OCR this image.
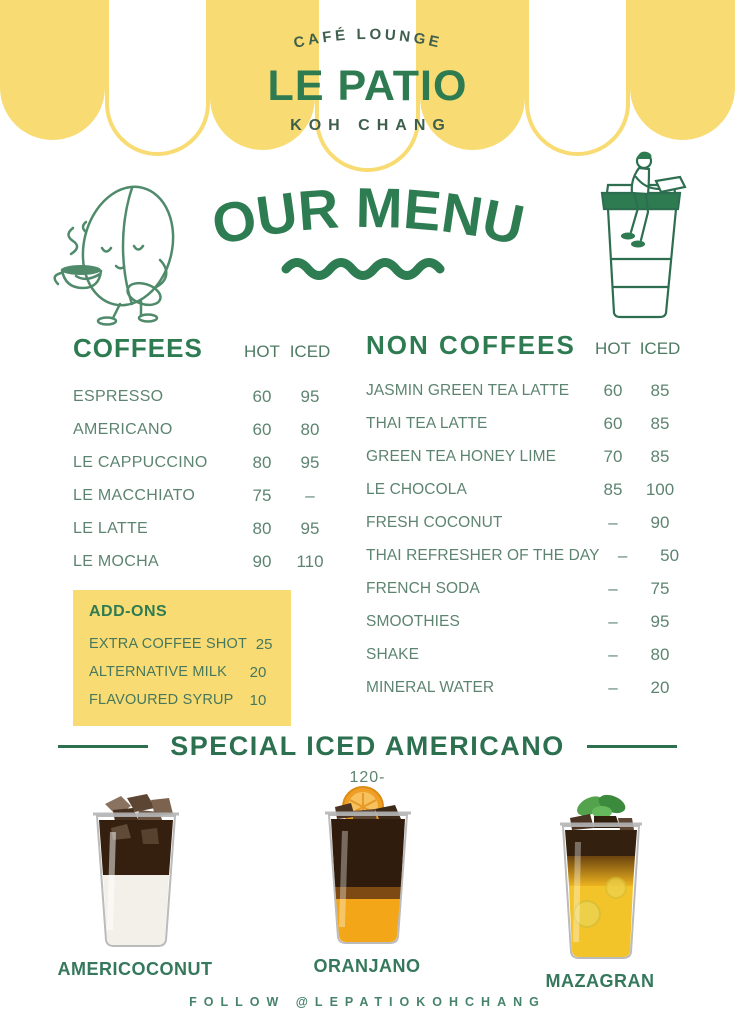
CAFÉ LOUNGE
LE PATIO
KOH CHANG
OUR MENU
COFFEES	HOT ICED
ESPRESSO	60	95
AMERICANO	60	80
LE CAPPUCCINO	80	95
LE MACCHIATO	75	–
LE LATTE	80	95
LE MOCHA	90	110
ADD-ONS
EXTRA COFFEE SHOT 25
ALTERNATIVE MILK	20
FLAVOURED SYRUP	10
NON COFFEES	HOT ICED
JASMIN GREEN TEA LATTE	60	85
THAI TEA LATTE	60	85
GREEN TEA HONEY LIME	70	85
LE CHOCOLA	85	100
FRESH COCONUT	–	90
THAI REFRESHER OF THE DAY	–	50
FRENCH SODA	–	75
SMOOTHIES	–	95
SHAKE	–	80
MINERAL WATER	–	20
SPECIAL ICED AMERICANO
120-
AMERICOCONUT	ORANJANO
MAZAGRAN
FOLLOW @LEPATIOKOHCHANG
